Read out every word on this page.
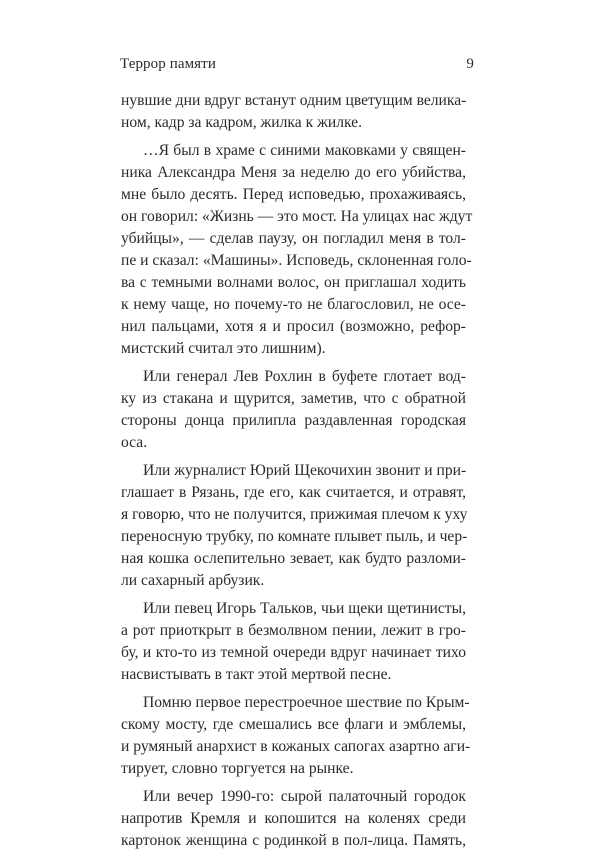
Террор памяти	9
нувшие дни вдруг встанут одним цветущим велика-
ном, кадр за кадром, жилка к жилке.
…Я был в храме с синими маковками у священ-
ника Александра Меня за неделю до его убийства,
мне было десять. Перед исповедью, прохаживаясь,
он говорил: «Жизнь — это мост. На улицах нас ждут
убийцы», — сделав паузу, он погладил меня в тол-
пе и сказал: «Машины». Исповедь, склоненная голо-
ва с темными волнами волос, он приглашал ходить
к нему чаще, но почему-то не благословил, не осе-
нил пальцами, хотя я и просил (возможно, рефор-
мистский считал это лишним).
Или генерал Лев Рохлин в буфете глотает вод-
ку из стакана и щурится, заметив, что с обратной
стороны донца прилипла раздавленная городская
оса.
Или журналист Юрий Щекочихин звонит и при-
глашает в Рязань, где его, как считается, и отравят,
я говорю, что не получится, прижимая плечом к уху
переносную трубку, по комнате плывет пыль, и чер-
ная кошка ослепительно зевает, как будто разломи-
ли сахарный арбузик.
Или певец Игорь Тальков, чьи щеки щетинисты,
а рот приоткрыт в безмолвном пении, лежит в гро-
бу, и кто-то из темной очереди вдруг начинает тихо
насвистывать в такт этой мертвой песне.
Помню первое перестроечное шествие по Крым-
скому мосту, где смешались все флаги и эмблемы,
и румяный анархист в кожаных сапогах азартно аги-
тирует, словно торгуется на рынке.
Или вечер 1990-го: сырой палаточный городок
напротив Кремля и копошится на коленях среди
картонок женщина с родинкой в пол-лица. Память,
